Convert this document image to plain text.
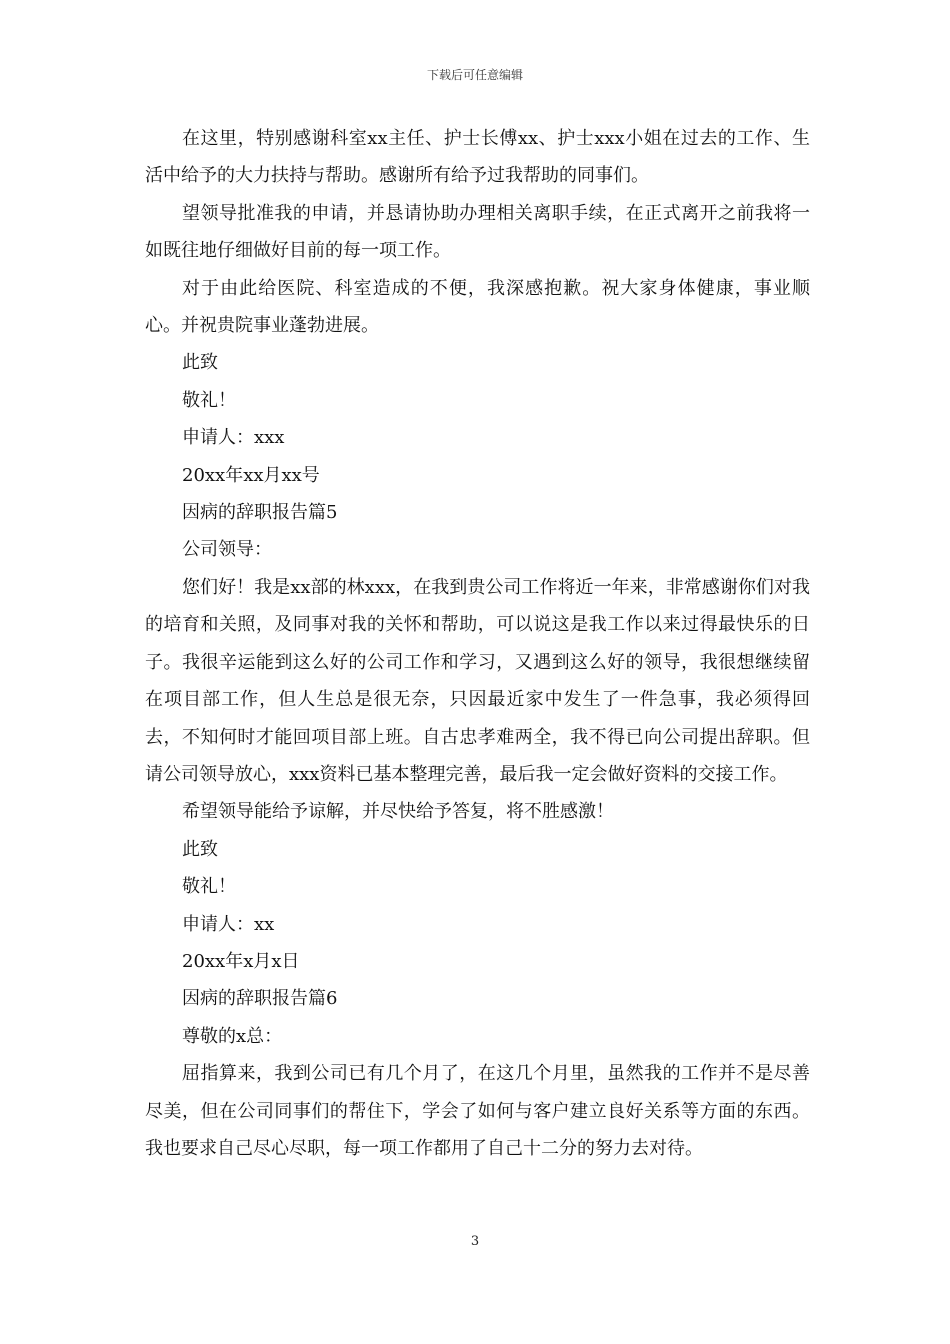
下载后可任意编辑

在这里，特别感谢科室xx主任、护士长傅xx、护士xxx小姐在过去的工作、生活中给予的大力扶持与帮助。感谢所有给予过我帮助的同事们。

望领导批准我的申请，并恳请协助办理相关离职手续，在正式离开之前我将一如既往地仔细做好目前的每一项工作。

对于由此给医院、科室造成的不便，我深感抱歉。祝大家身体健康，事业顺心。并祝贵院事业蓬勃进展。

此致

敬礼！

申请人：xxx

20xx年xx月xx号

因病的辞职报告篇5

公司领导：

您们好！我是xx部的林xxx，在我到贵公司工作将近一年来，非常感谢你们对我的培育和关照，及同事对我的关怀和帮助，可以说这是我工作以来过得最快乐的日子。我很辛运能到这么好的公司工作和学习，又遇到这么好的领导，我很想继续留在项目部工作，但人生总是很无奈，只因最近家中发生了一件急事，我必须得回去，不知何时才能回项目部上班。自古忠孝难两全，我不得已向公司提出辞职。但请公司领导放心，xxx资料已基本整理完善，最后我一定会做好资料的交接工作。

希望领导能给予谅解，并尽快给予答复，将不胜感激！

此致

敬礼！

申请人：xx

20xx年x月x日

因病的辞职报告篇6

尊敬的x总：

屈指算来，我到公司已有几个月了，在这几个月里，虽然我的工作并不是尽善尽美，但在公司同事们的帮住下，学会了如何与客户建立良好关系等方面的东西。我也要求自己尽心尽职，每一项工作都用了自己十二分的努力去对待。

3
